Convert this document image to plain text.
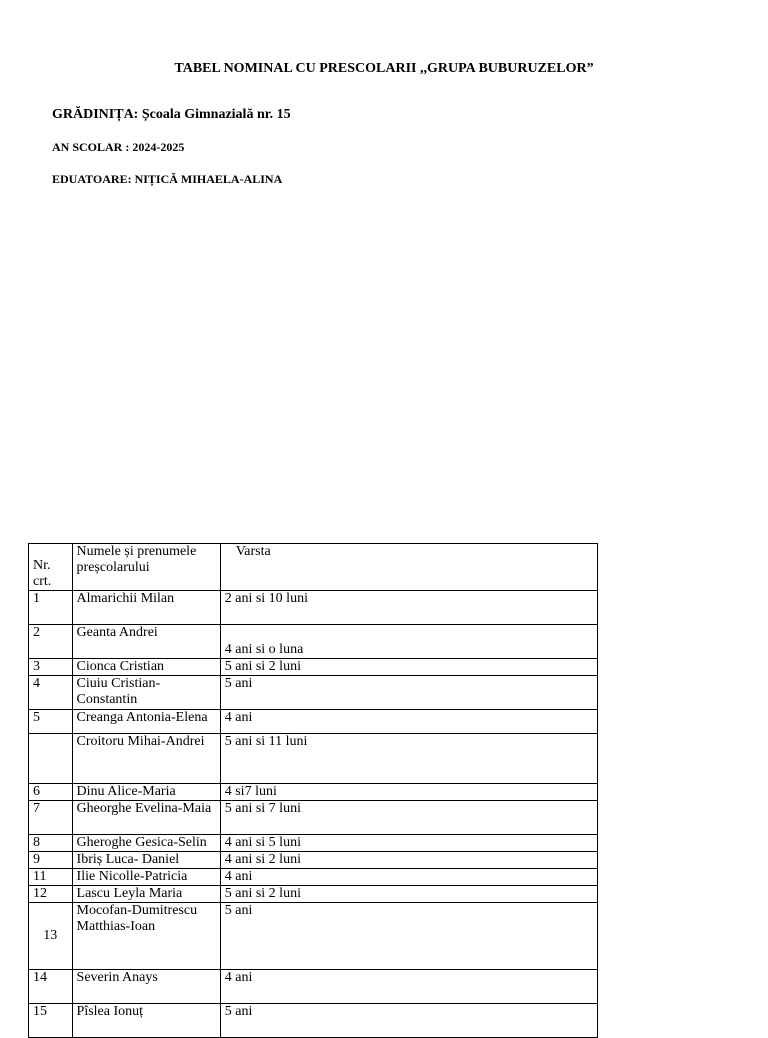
TABEL NOMINAL CU PRESCOLARII ,,GRUPA BUBURUZELOR”
GRĂDINIȚA: Școala Gimnazială nr. 15
AN SCOLAR : 2024-2025
EDUATOARE: NIȚICĂ MIHAELA-ALINA
Nr. crt.	Numele și prenumele preșcolarului	Varsta
1	Almarichii Milan	2 ani si 10 luni
2	Geanta Andrei	4 ani si o luna
3	Cionca Cristian	5 ani si 2 luni
4	Ciuiu Cristian-Constantin	5 ani
5	Creanga Antonia-Elena	4 ani
	Croitoru Mihai-Andrei	5 ani si 11 luni
6	Dinu Alice-Maria	4 si7 luni
7	Gheorghe Evelina-Maia	5 ani si 7 luni
8	Gheroghe Gesica-Selin	4 ani si 5 luni
9	Ibriș Luca- Daniel	4 ani si 2 luni
11	Ilie Nicolle-Patricia	4 ani
12	Lascu Leyla Maria	5 ani si 2 luni
13	Mocofan-Dumitrescu Matthias-Ioan	5 ani
14	Severin Anays	4 ani
15	Pîslea Ionuț	5 ani
